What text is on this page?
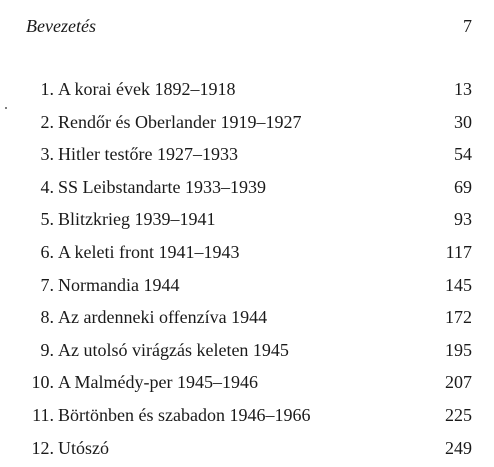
Bevezetés	7
1. A korai évek 1892–1918	13
2. Rendőr és Oberlander 1919–1927	30
3. Hitler testőre 1927–1933	54
4. SS Leibstandarte 1933–1939	69
5. Blitzkrieg 1939–1941	93
6. A keleti front 1941–1943	117
7. Normandia 1944	145
8. Az ardenneki offenzíva 1944	172
9. Az utolsó virágzás keleten 1945	195
10. A Malmédy-per 1945–1946	207
11. Börtönben és szabadon 1946–1966	225
12. Utószó	249
